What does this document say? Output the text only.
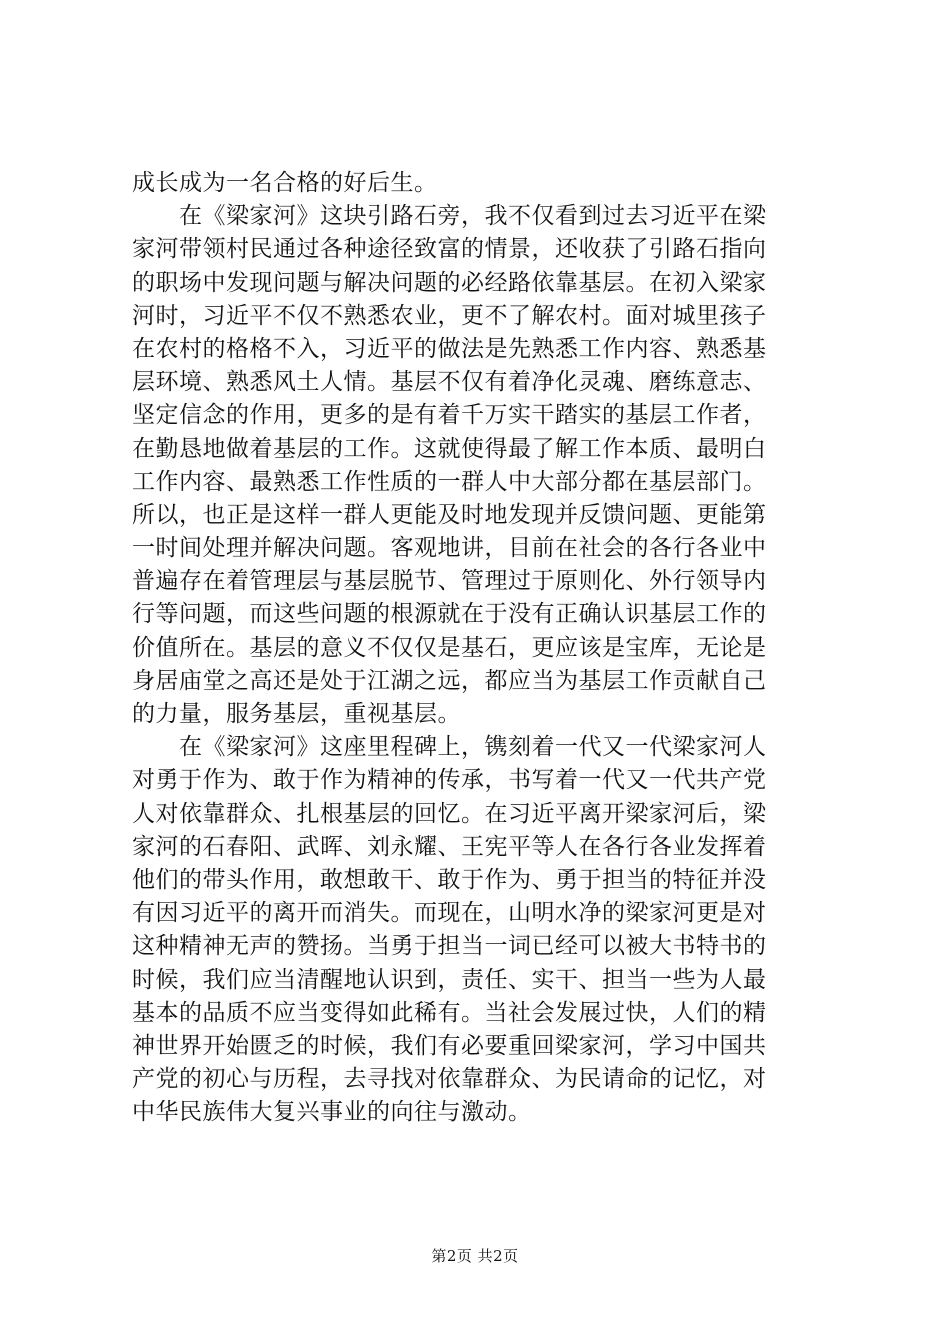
成长成为一名合格的好后生。
　　在《梁家河》这块引路石旁，我不仅看到过去习近平在梁
家河带领村民通过各种途径致富的情景，还收获了引路石指向
的职场中发现问题与解决问题的必经路依靠基层。在初入梁家
河时，习近平不仅不熟悉农业，更不了解农村。面对城里孩子
在农村的格格不入，习近平的做法是先熟悉工作内容、熟悉基
层环境、熟悉风土人情。基层不仅有着净化灵魂、磨练意志、
坚定信念的作用，更多的是有着千万实干踏实的基层工作者，
在勤恳地做着基层的工作。这就使得最了解工作本质、最明白
工作内容、最熟悉工作性质的一群人中大部分都在基层部门。
所以，也正是这样一群人更能及时地发现并反馈问题、更能第
一时间处理并解决问题。客观地讲，目前在社会的各行各业中
普遍存在着管理层与基层脱节、管理过于原则化、外行领导内
行等问题，而这些问题的根源就在于没有正确认识基层工作的
价值所在。基层的意义不仅仅是基石，更应该是宝库，无论是
身居庙堂之高还是处于江湖之远，都应当为基层工作贡献自己
的力量，服务基层，重视基层。
　　在《梁家河》这座里程碑上，镌刻着一代又一代梁家河人
对勇于作为、敢于作为精神的传承，书写着一代又一代共产党
人对依靠群众、扎根基层的回忆。在习近平离开梁家河后，梁
家河的石春阳、武晖、刘永耀、王宪平等人在各行各业发挥着
他们的带头作用，敢想敢干、敢于作为、勇于担当的特征并没
有因习近平的离开而消失。而现在，山明水净的梁家河更是对
这种精神无声的赞扬。当勇于担当一词已经可以被大书特书的
时候，我们应当清醒地认识到，责任、实干、担当一些为人最
基本的品质不应当变得如此稀有。当社会发展过快，人们的精
神世界开始匮乏的时候，我们有必要重回梁家河，学习中国共
产党的初心与历程，去寻找对依靠群众、为民请命的记忆，对
中华民族伟大复兴事业的向往与激动。
第2页 共2页
